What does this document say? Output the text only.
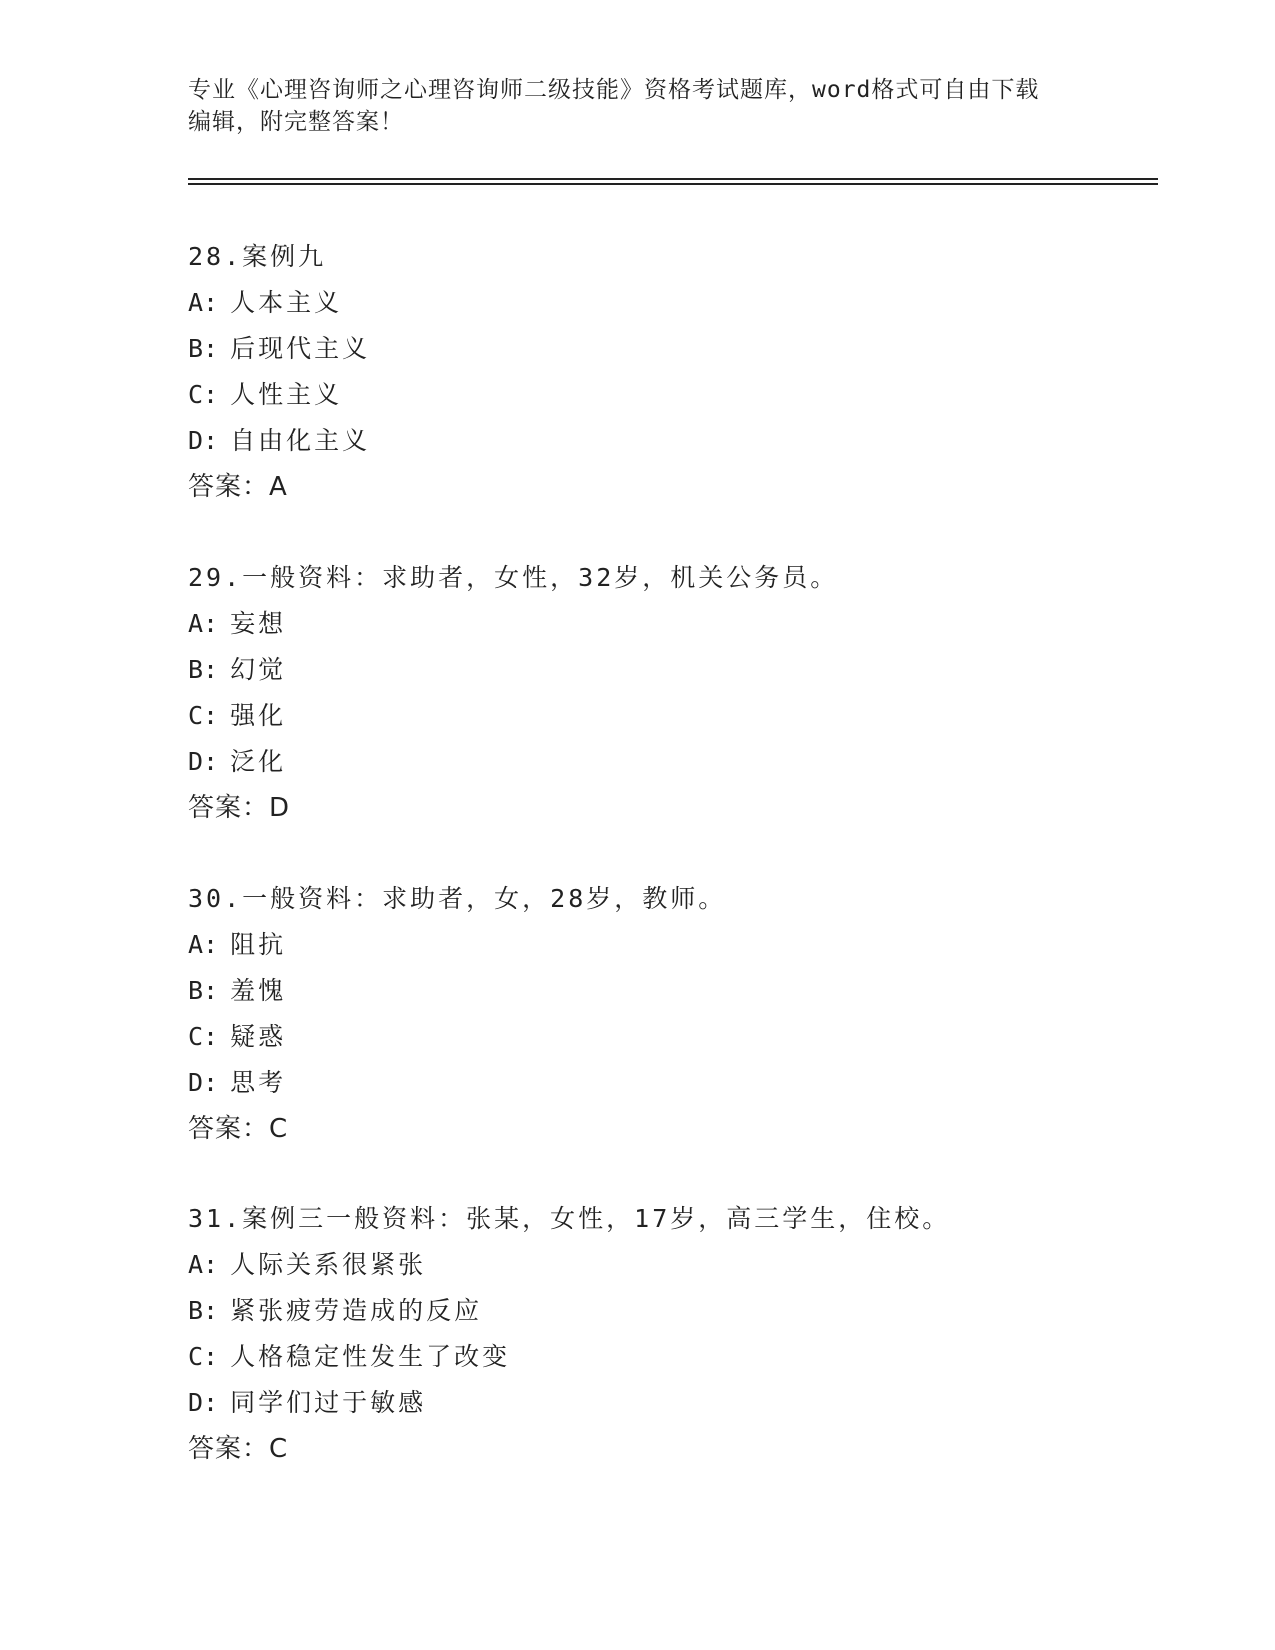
专业《心理咨询师之心理咨询师二级技能》资格考试题库，word格式可自由下载
编辑，附完整答案！
28.案例九
A: 人本主义
B: 后现代主义
C: 人性主义
D: 自由化主义
答案：A
29.一般资料：求助者，女性，32岁，机关公务员。
A: 妄想
B: 幻觉
C: 强化
D: 泛化
答案：D
30.一般资料：求助者，女，28岁，教师。
A: 阻抗
B: 羞愧
C: 疑惑
D: 思考
答案：C
31.案例三一般资料：张某，女性，17岁，高三学生，住校。
A: 人际关系很紧张
B: 紧张疲劳造成的反应
C: 人格稳定性发生了改变
D: 同学们过于敏感
答案：C
